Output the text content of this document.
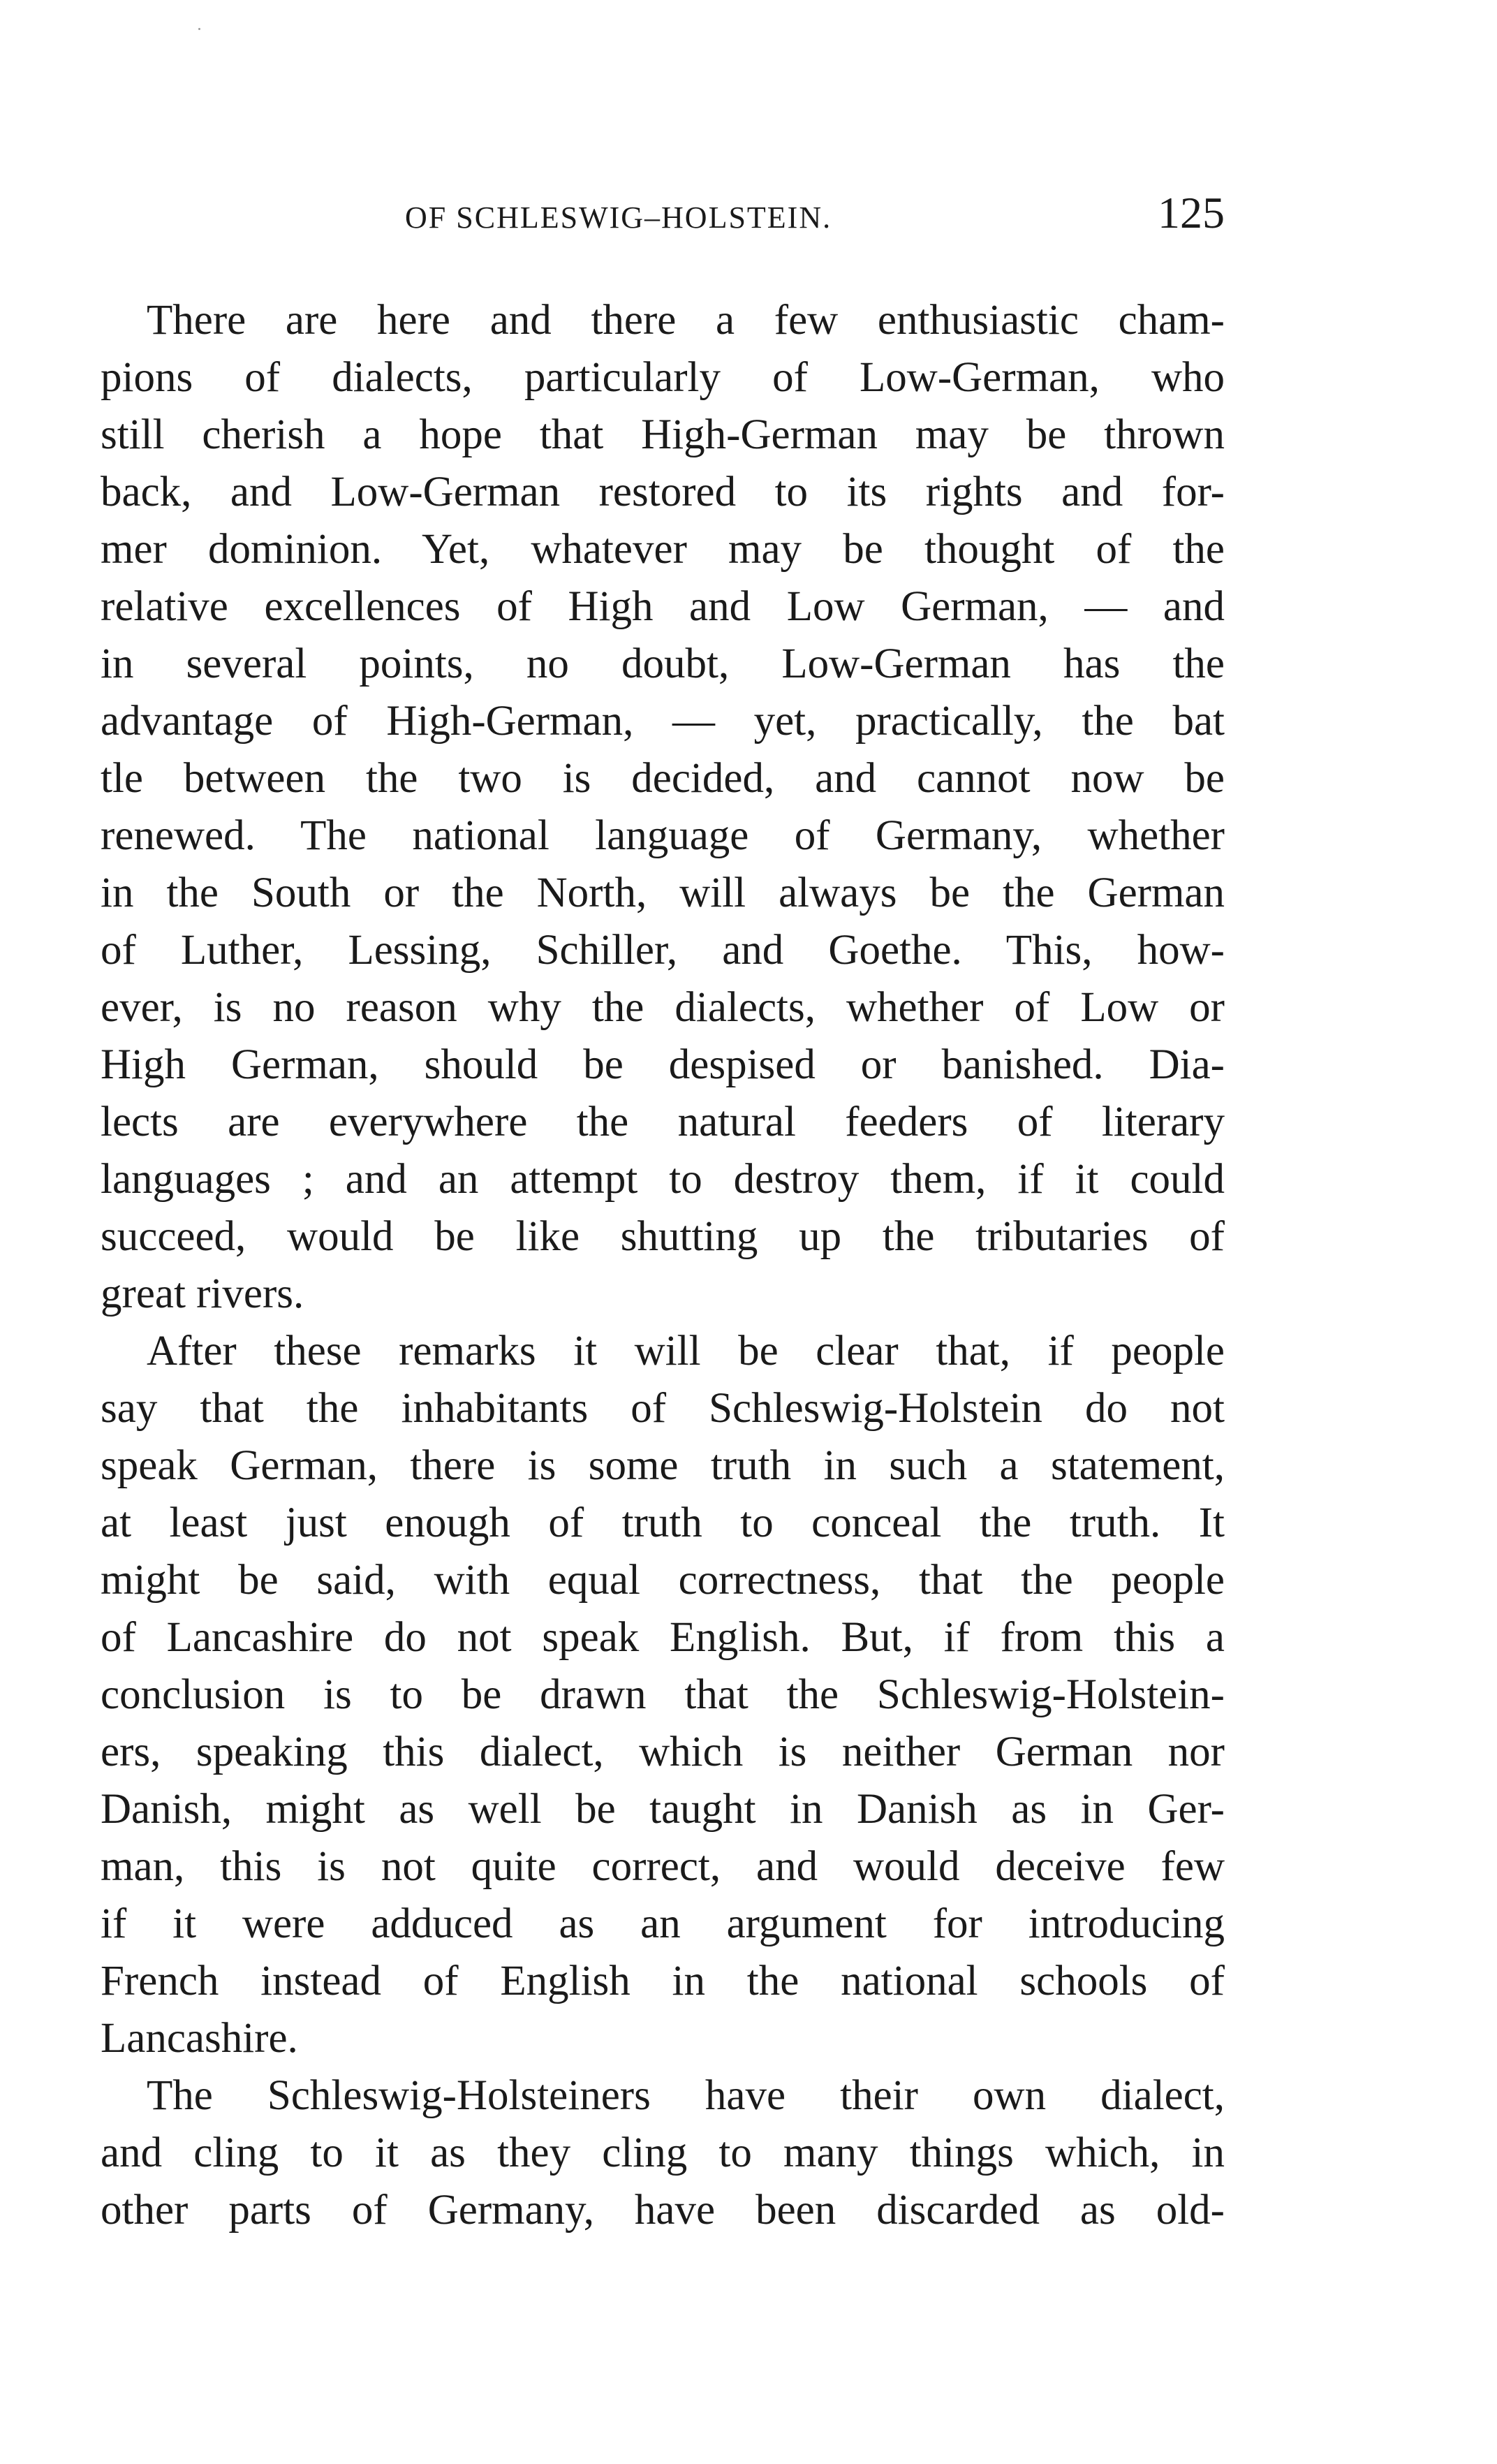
OF SCHLESWIG–HOLSTEIN.	125
There are here and there a few enthusiastic cham-
pions of dialects, particularly of Low-German, who
still cherish a hope that High-German may be thrown
back, and Low-German restored to its rights and for-
mer dominion. Yet, whatever may be thought of the
relative excellences of High and Low German, — and
in several points, no doubt, Low-German has the
advantage of High-German, — yet, practically, the bat
tle between the two is decided, and cannot now be
renewed. The national language of Germany, whether
in the South or the North, will always be the German
of Luther, Lessing, Schiller, and Goethe. This, how-
ever, is no reason why the dialects, whether of Low or
High German, should be despised or banished. Dia-
lects are everywhere the natural feeders of literary
languages ; and an attempt to destroy them, if it could
succeed, would be like shutting up the tributaries of
great rivers.
After these remarks it will be clear that, if people
say that the inhabitants of Schleswig-Holstein do not
speak German, there is some truth in such a statement,
at least just enough of truth to conceal the truth. It
might be said, with equal correctness, that the people
of Lancashire do not speak English. But, if from this a
conclusion is to be drawn that the Schleswig-Holstein-
ers, speaking this dialect, which is neither German nor
Danish, might as well be taught in Danish as in Ger-
man, this is not quite correct, and would deceive few
if it were adduced as an argument for introducing
French instead of English in the national schools of
Lancashire.
The Schleswig-Holsteiners have their own dialect,
and cling to it as they cling to many things which, in
other parts of Germany, have been discarded as old-
